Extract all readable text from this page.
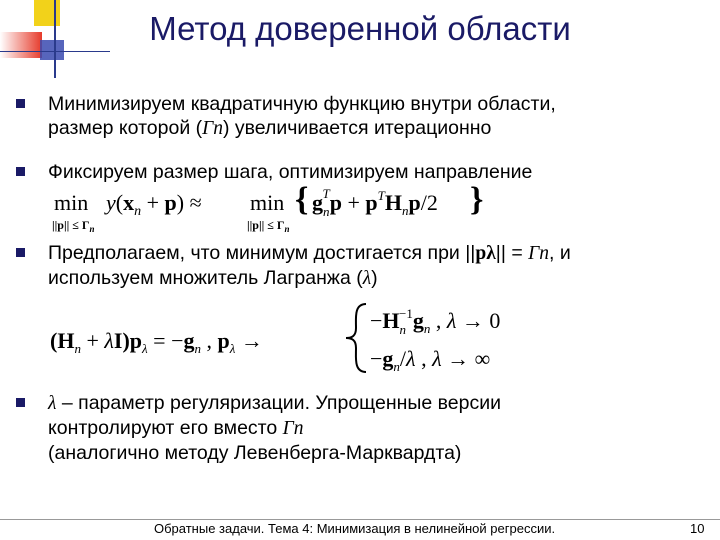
Метод доверенной области
Минимизируем квадратичную функцию внутри области,
размер которой (Γn) увеличивается итерационно
Фиксируем размер шага, оптимизируем направление
min
$||p|| \le \Gamma_n$
$y(x_n + p) \approx \min$
$||p|| \le \Gamma_n$
{ $g_nTp + p^TH_np/2$ }
Предполагаем, что минимум достигается при ||pλ|| = Γn, и
используем множитель Лагранжа (λ)
$(H_n + \lambda I)p_\lambda = -g_n$ , $p_\lambda$ →
$-H_n-1g_n$ , λ → 0
$-g_n/\lambda$ , λ → ∞
λ – параметр регуляризации. Упрощенные версии
контролируют его вместо Γn
(аналогично методу Левенберга-Марквардта)
Обратные задачи. Тема 4: Минимизация в нелинейной регрессии.	10
